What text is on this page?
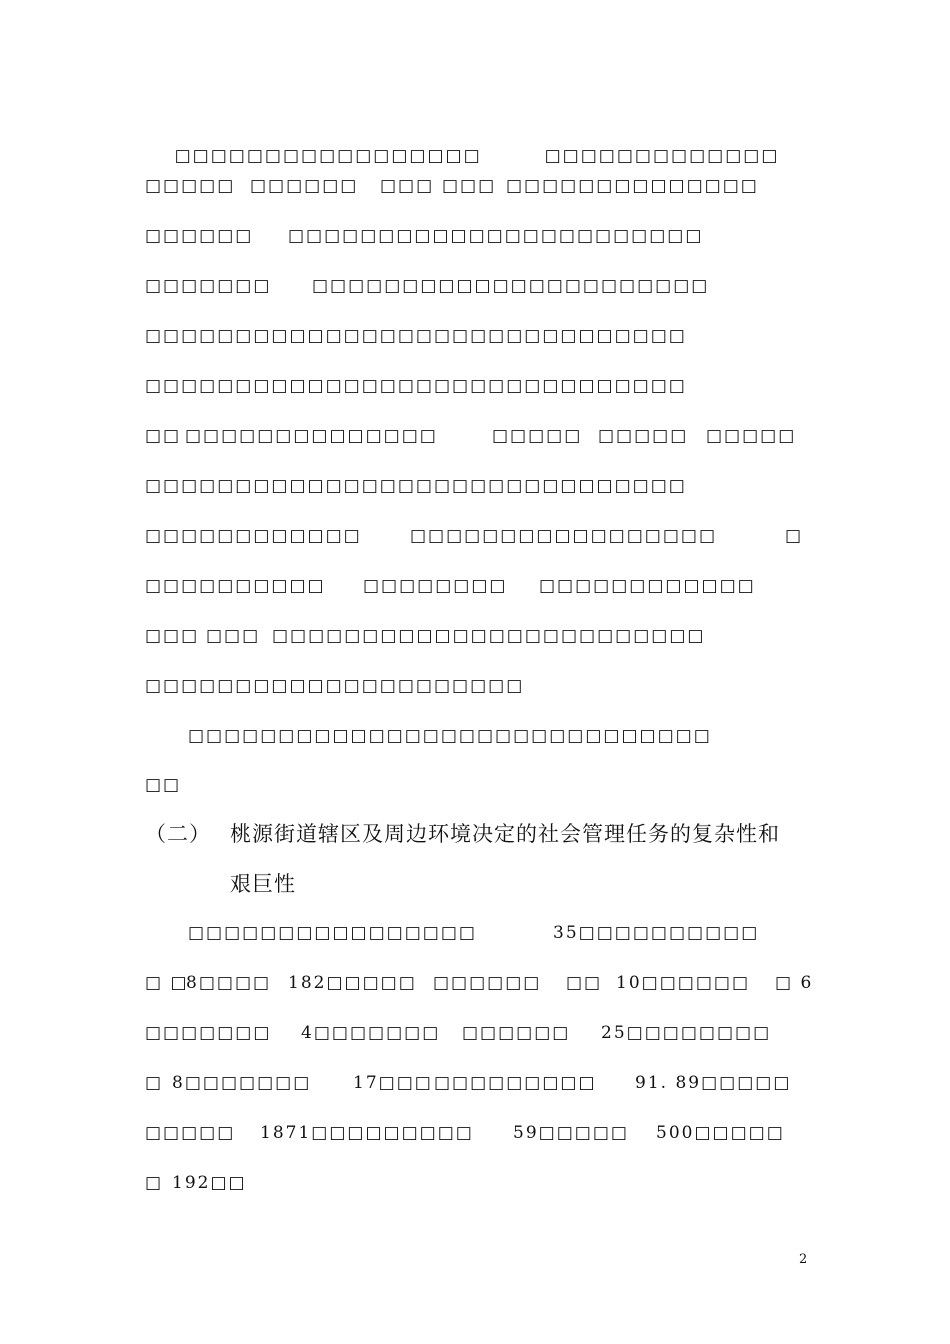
□□□□□□□□□□□□□□□□□
	□□□□□□□□□□□□□

□□□□□ □□□□□□ □□□ □□□ □□□□□□□□□□□□□□
□□□□□□ □□□□□□□□□□□□□□□□□□□□□□□
□□□□□□□ □□□□□□□□□□□□□□□□□□□□□□
□□□□□□□□□□□□□□□□□□□□□□□□□□□□□□
□□□□□□□□□□□□□□□□□□□□□□□□□□□□□□
□□ □□□□□□□□□□□□□□	□□□□□ □□□□□ □□□□□
□□□□□□□□□□□□□□□□□□□□□□□□□□□□□□
□□□□□□□□□□□□	□□□□□□□□□□□□□□□□□	□
□□□□□□□□□□ □□□□□□□□ □□□□□□□□□□□□
□□□ □□□ □□□□□□□□□□□□□□□□□□□□□□□□
□□□□□□□□□□□□□□□□□□□□□
□□□□□□□□□□□□□□□□□□□□□□□□□□□□□
□□
（二） 桃源街道辖区及周边环境决定的社会管理任务的复杂性和
艰巨性
□□□□□□□□□□□□□□□□	35□□□□□□□□□□
□ □
8□□□□ 182□□□□□ □□□□□□ □□ 10□□□□□□ □ 6
□□□□□□□ 4□□□□□□□ □□□□□□ 25□□□□□□□□
□ 8□□□□□□□ 17□□□ □□□□□□□□□ 91. 89□□□□□
□□□□□ 1871□□□□□□□□□ 59□□□□□ 500□□□□□
□ 192□□
2
